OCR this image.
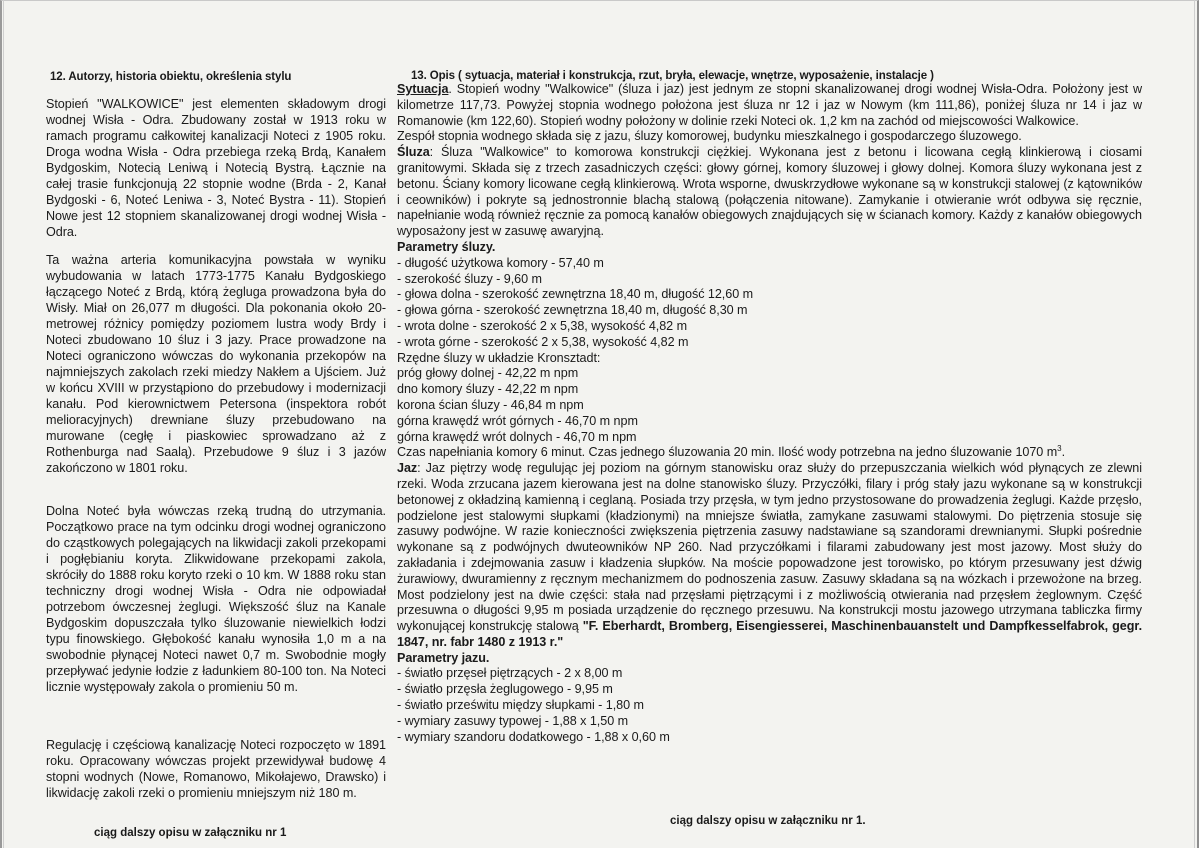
12. Autorzy, historia obiektu, określenia stylu

Stopień "WALKOWICE" jest elementen składowym drogi wodnej Wisła - Odra. Zbudowany został w 1913 roku w ramach programu całkowitej kanalizacji Noteci z 1905 roku. Droga wodna Wisła - Odra przebiega rzeką Brdą, Kanałem Bydgoskim, Notecią Leniwą i Notecią Bystrą. Łącznie na całej trasie funkcjonują 22 stopnie wodne (Brda - 2, Kanał Bydgoski - 6, Noteć Leniwa - 3, Noteć Bystra - 11). Stopień Nowe jest 12 stopniem skanalizowanej drogi wodnej Wisła - Odra.

Ta ważna arteria komunikacyjna powstała w wyniku wybudowania w latach 1773-1775 Kanału Bydgoskiego łączącego Noteć z Brdą, którą żegluga prowadzona była do Wisły. Miał on 26,077 m długości. Dla pokonania około 20-metrowej różnicy pomiędzy poziomem lustra wody Brdy i Noteci zbudowano 10 śluz i 3 jazy. Prace prowadzone na Noteci ograniczono wówczas do wykonania przekopów na najmniejszych zakolach rzeki miedzy Nakłem a Ujściem. Już w końcu XVIII w przystąpiono do przebudowy i modernizacji kanału. Pod kierownictwem Petersona (inspektora robót melioracyjnych) drewniane śluzy przebudowano na murowane (cegłę i piaskowiec sprowadzano aż z Rothenburga nad Saalą). Przebudowe 9 śluz i 3 jazów zakończono w 1801 roku.

Dolna Noteć była wówczas rzeką trudną do utrzymania. Początkowo prace na tym odcinku drogi wodnej ograniczono do cząstkowych polegających na likwidacji zakoli przekopami i pogłębianiu koryta. Zlikwidowane przekopami zakola, skróciły do 1888 roku koryto rzeki o 10 km. W 1888 roku stan techniczny drogi wodnej Wisła - Odra nie odpowiadał potrzebom ówczesnej żeglugi. Większość śluz na Kanale Bydgoskim dopuszczała tylko śluzowanie niewielkich łodzi typu finowskiego. Głębokość kanału wynosiła 1,0 m a na swobodnie płynącej Noteci nawet 0,7 m. Swobodnie mogły przepływać jedynie łodzie z ładunkiem 80-100 ton. Na Noteci licznie występowały zakola o promieniu 50 m.

Regulację i częściową kanalizację Noteci rozpoczęto w 1891 roku. Opracowany wówczas projekt przewidywał budowę 4 stopni wodnych (Nowe, Romanowo, Mikołajewo, Drawsko) i likwidację zakoli rzeki o promieniu mniejszym niż 180 m.

ciąg dalszy opisu w załączniku nr 1
13. Opis ( sytuacja, materiał i konstrukcja, rzut, bryła, elewacje, wnętrze, wyposażenie, instalacje )

Sytuacja. Stopień wodny "Walkowice" (śluza i jaz) jest jednym ze stopni skanalizowanej drogi wodnej Wisła-Odra. Położony jest w kilometrze 117,73. Powyżej stopnia wodnego położona jest śluza nr 12 i jaz w Nowym (km 111,86), poniżej śluza nr 14 i jaz w Romanowie (km 122,60). Stopień wodny położony w dolinie rzeki Noteci ok. 1,2 km na zachód od miejscowości Walkowice.

Zespół stopnia wodnego składa się z jazu, śluzy komorowej, budynku mieszkalnego i gospodarczego śluzowego.

Śluza: Śluza "Walkowice" to komorowa konstrukcji ciężkiej. Wykonana jest z betonu i licowana cegłą klinkierową i ciosami granitowymi. Składa się z trzech zasadniczych części: głowy górnej, komory śluzowej i głowy dolnej. Komora śluzy wykonana jest z betonu. Ściany komory licowane cegłą klinkierową. Wrota wsporne, dwuskrzydłowe wykonane są w konstrukcji stalowej (z kątowników i ceowników) i pokryte są jednostronnie blachą stalową (połączenia nitowane). Zamykanie i otwieranie wrót odbywa się ręcznie, napełnianie wodą również ręcznie za pomocą kanałów obiegowych znajdujących się w ścianach komory. Każdy z kanałów obiegowych wyposażony jest w zasuwę awaryjną.

Parametry śluzy.
- długość użytkowa komory - 57,40 m
- szerokość śluzy - 9,60 m
- głowa dolna - szerokość zewnętrzna 18,40 m, długość 12,60 m
- głowa górna - szerokość zewnętrzna 18,40 m, długość 8,30 m
- wrota dolne - szerokość 2 x 5,38, wysokość 4,82 m
- wrota górne - szerokość 2 x 5,38, wysokość 4,82 m
Rzędne śluzy w układzie Kronsztadt:
próg głowy dolnej - 42,22 m npm
dno komory śluzy - 42,22 m npm
korona ścian śluzy - 46,84 m npm
górna krawędź wrót górnych - 46,70 m npm
górna krawędź wrót dolnych - 46,70 m npm
Czas napełniania komory 6 minut. Czas jednego śluzowania 20 min. Ilość wody potrzebna na jedno śluzowanie 1070 $m^3$.

Jaz: Jaz piętrzy wodę regulując jej poziom na górnym stanowisku oraz służy do przepuszczania wielkich wód płynących ze zlewni rzeki. Woda zrzucana jazem kierowana jest na dolne stanowisko śluzy. Przyczółki, filary i próg stały jazu wykonane są w konstrukcji betonowej z okładziną kamienną i ceglaną. Posiada trzy przęsła, w tym jedno przystosowane do prowadzenia żeglugi. Każde przęsło, podzielone jest stalowymi słupkami (kładzionymi) na mniejsze światła, zamykane zasuwami stalowymi. Do piętrzenia stosuje się zasuwy podwójne. W razie konieczności zwiększenia piętrzenia zasuwy nadstawiane są szandorami drewnianymi. Słupki pośrednie wykonane są z podwójnych dwuteowników NP 260. Nad przyczółkami i filarami zabudowany jest most jazowy. Most służy do zakładania i zdejmowania zasuw i kładzenia słupków. Na moście popowadzone jest torowisko, po którym przesuwany jest dźwig żurawiowy, dwuramienny z ręcznym mechanizmem do podnoszenia zasuw. Zasuwy składana są na wózkach i przewożone na brzeg. Most podzielony jest na dwie części: stała nad przęsłami piętrzącymi i z możliwością otwierania nad przęsłem żeglownym. Część przesuwna o długości 9,95 m posiada urządzenie do ręcznego przesuwu. Na konstrukcji mostu jazowego utrzymana tabliczka firmy wykonującej konstrukcję stalową "F. Eberhardt, Bromberg, Eisengiesserei, Maschinenbauanstelt und Dampfkesselfabrok, gegr. 1847, nr. fabr 1480 z 1913 r."

Parametry jazu.
- światło przęseł piętrzących - 2 x 8,00 m
- światło przęsła żeglugowego - 9,95 m
- światło prześwitu między słupkami - 1,80 m
- wymiary zasuwy typowej - 1,88 x 1,50 m
- wymiary szandoru dodatkowego - 1,88 x 0,60 m
ciąg dalszy opisu w załączniku nr 1.
